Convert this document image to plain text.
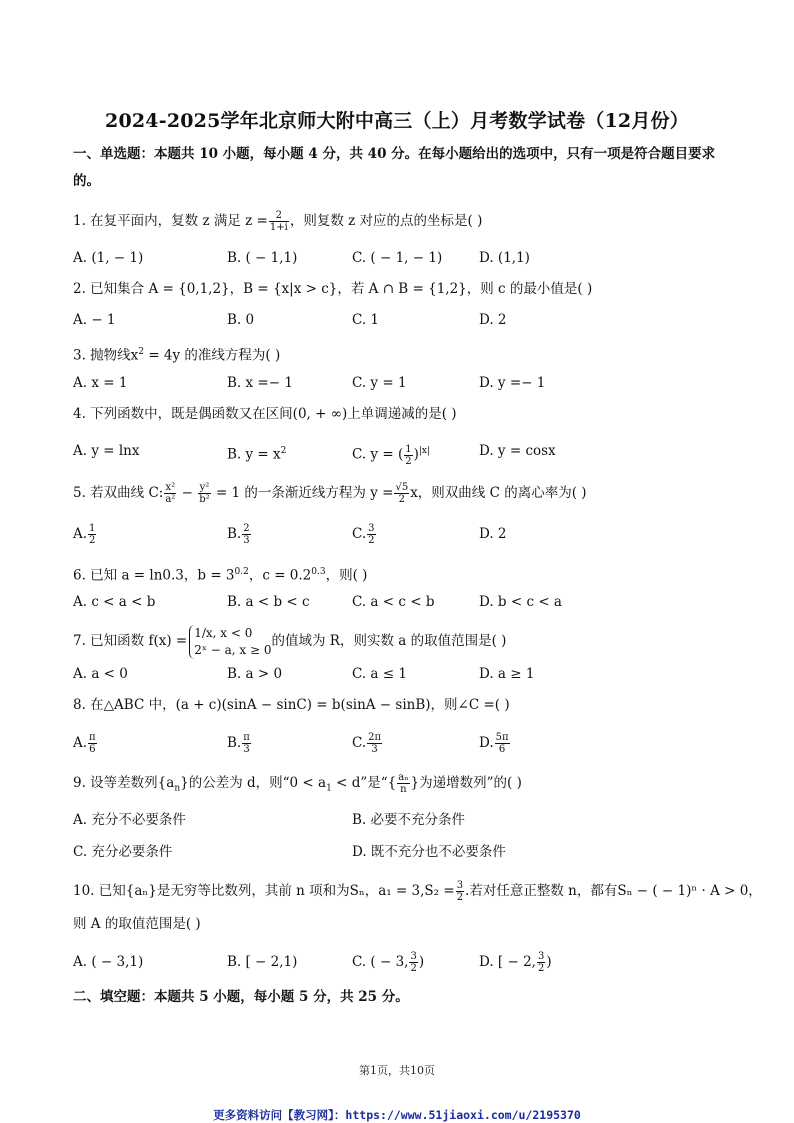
2024-2025学年北京师大附中高三（上）月考数学试卷（12月份）
一、单选题：本题共 10 小题，每小题 4 分，共 40 分。在每小题给出的选项中，只有一项是符合题目要求
的。
1. 在复平面内，复数 z 满足 $z = \frac{2}{1+i}$ ，则复数 z 对应的点的坐标是( )
A. (1, − 1)	B. ( − 1,1)	C. ( − 1, − 1)	D. (1,1)
2. 已知集合 A = {0,1,2}，B = {x|x > c}，若 A ∩ B = {1,2}，则 c 的最小值是( )
A. − 1	B. 0	C. 1	D. 2
3. 抛物线$x^2 = 4y$ 的准线方程为( )
A. x = 1	B. x =− 1	C. y = 1	D. y =− 1
4. 下列函数中，既是偶函数又在区间(0, + ∞)上单调递减的是( )
A. y = lnx	B. $y = x^2$	C. y = ( $\frac{1}{2} )^{|x|}$	D. y = cosx
5. 若双曲线 C: $\frac{\text{x²}}{\text{a²}} - \frac{\text{y²}}{\text{b²}} = 1$ 的一条渐近线方程为 $y = \frac{√5}{2}$ x，则双曲线 C 的离心率为( )
A. $\frac{1}{2}$	B. $\frac{2}{3}$	C. $\frac{3}{2}$	D. 2
6. 已知 a = ln0.3，$b = 3^{0.2}$，$c = 0.2^{0.3}$，则( )
A. c < a < b	B. a < b < c	C. a < c < b	D. b < c < a
7. 已知函数 f(x) =
1/x, x < 0
2ˣ − a, x ≥ 0
的值域为 R，则实数 a 的取值范围是( )
A. a < 0	B. a > 0	C. a ≤ 1	D. a ≥ 1
8. 在△ABC 中，(a + c)(sinA − sinC) = b(sinA − sinB)，则∠C =( )
A. $\frac{\pi}{6}$	B. $\frac{\pi}{3}$	C. $\frac{2\pi}{3}$	D. $\frac{5\pi}{6}$
9. 设等差数列$\{a_n\}$的公差为 d，则“$0 < a_1 < d$”是“{ $\frac{\text{aₙ}}{n}$ }为递增数列”的( )
A. 充分不必要条件	B. 必要不充分条件
C. 充分必要条件	D. 既不充分也不必要条件
10. 已知{aₙ}是无穷等比数列，其前 n 项和为Sₙ，$a_1 = 3,S_2 = \frac{3}{2}$ .若对任意正整数 n，都有Sₙ − ( − 1)ⁿ · A > 0，
则 A 的取值范围是( )
A. ( − 3,1)	B. [ − 2,1)	C. ( − 3, $\frac{3}{2}$ )	D. [ − 2, $\frac{3}{2}$ )
二、填空题：本题共 5 小题，每小题 5 分，共 25 分。
第1页，共10页
更多资料访问【教习网】：https://www.51jiaoxi.com/u/2195370
